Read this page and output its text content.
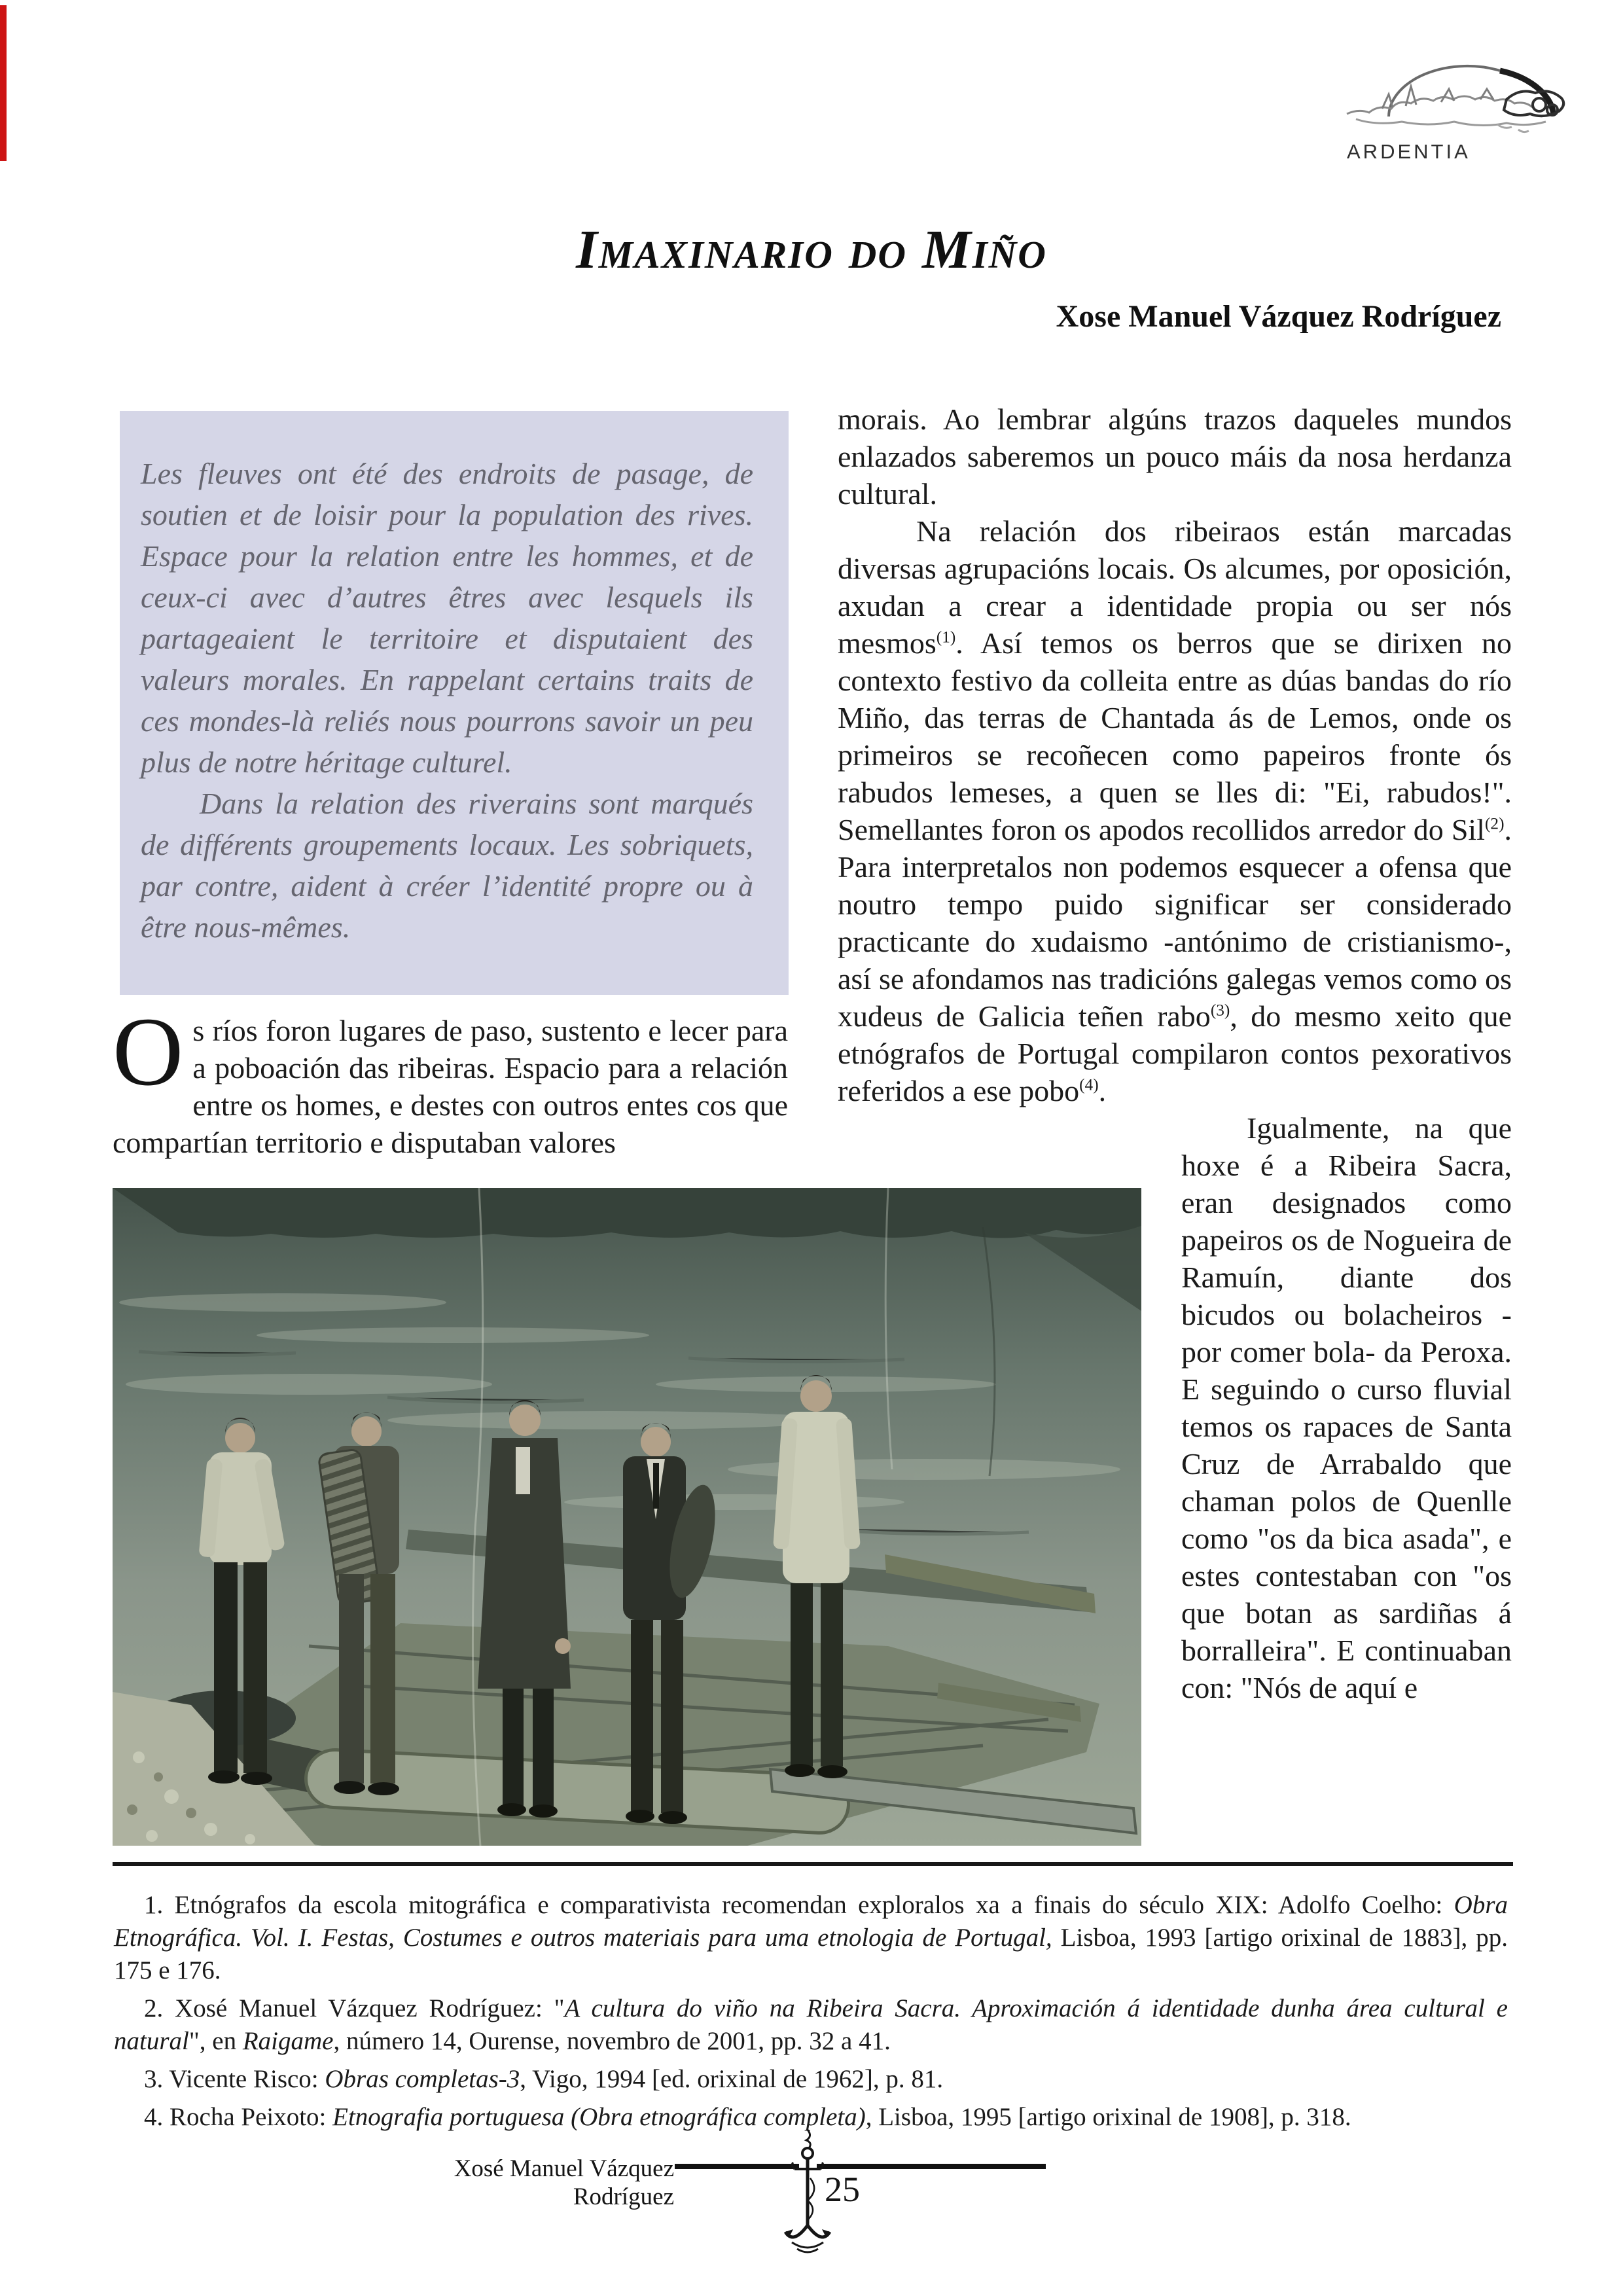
ARDENTIA
Imaxinario do Miño
Xose Manuel Vázquez Rodríguez

Les fleuves ont été des endroits de pasage, de soutien et de loisir pour la population des rives. Espace pour la relation entre les hommes, et de ceux-ci avec d’autres êtres avec lesquels ils partageaient le territoire et disputaient des valeurs morales. En rappelant certains traits de ces mondes-là reliés nous pourrons savoir un peu plus de notre héritage culturel.

Dans la relation des riverains sont marqués de différents groupements locaux. Les sobriquets, par contre, aident à créer l’identité propre ou à être nous-mêmes.

Os ríos foron lugares de paso, sustento e lecer para a poboación das ribeiras. Espacio para a relación entre os homes, e destes con outros entes cos que compartían territorio e disputaban valores

morais. Ao lembrar algúns trazos daqueles mundos enlazados saberemos un pouco máis da nosa herdanza cultural.

Na relación dos ribeiraos están marcadas diversas agrupacións locais. Os alcumes, por oposición, axudan a crear a identidade propia ou ser nós mesmos$^{(1)}$. Así temos os berros que se dirixen no contexto festivo da colleita entre as dúas bandas do río Miño, das terras de Chantada ás de Lemos, onde os primeiros se recoñecen como papeiros fronte ós rabudos lemeses, a quen se lles di: "Ei, rabudos!". Semellantes foron os apodos recollidos arredor do Sil$^{(2)}$. Para interpretalos non podemos esquecer a ofensa que noutro tempo puido significar ser considerado practicante do xudaismo -antónimo de cristianismo-, así se afondamos nas tradicións galegas vemos como os xudeus de Galicia teñen rabo$^{(3)}$, do mesmo xeito que etnógrafos de Portugal compilaron contos pexorativos referidos a ese pobo$^{(4)}$.

Igualmente, na que hoxe é a Ribeira Sacra, eran designados como papeiros os de Nogueira de Ramuín, diante dos bicudos ou bolacheiros - por comer bola- da Peroxa. E seguindo o curso fluvial temos os rapaces de Santa Cruz de Arrabaldo que chaman polos de Quenlle como "os da bica asada", e estes contestaban con "os que botan as sardiñas á borralleira". E continuaban con: "Nós de aquí e

1. Etnógrafos da escola mitográfica e comparativista recomendan exploralos xa a finais do século XIX: Adolfo Coelho: Obra Etnográfica. Vol. I. Festas, Costumes e outros materiais para uma etnologia de Portugal, Lisboa, 1993 [artigo orixinal de 1883], pp. 175 e 176.

2. Xosé Manuel Vázquez Rodríguez: "A cultura do viño na Ribeira Sacra. Aproximación á identidade dunha área cultural e natural", en Raigame, número 14, Ourense, novembro de 2001, pp. 32 a 41.

3. Vicente Risco: Obras completas-3, Vigo, 1994 [ed. orixinal de 1962], p. 81.

4. Rocha Peixoto: Etnografia portuguesa (Obra etnográfica completa), Lisboa, 1995 [artigo orixinal de 1908], p. 318.

Xosé Manuel Vázquez Rodríguez	25
